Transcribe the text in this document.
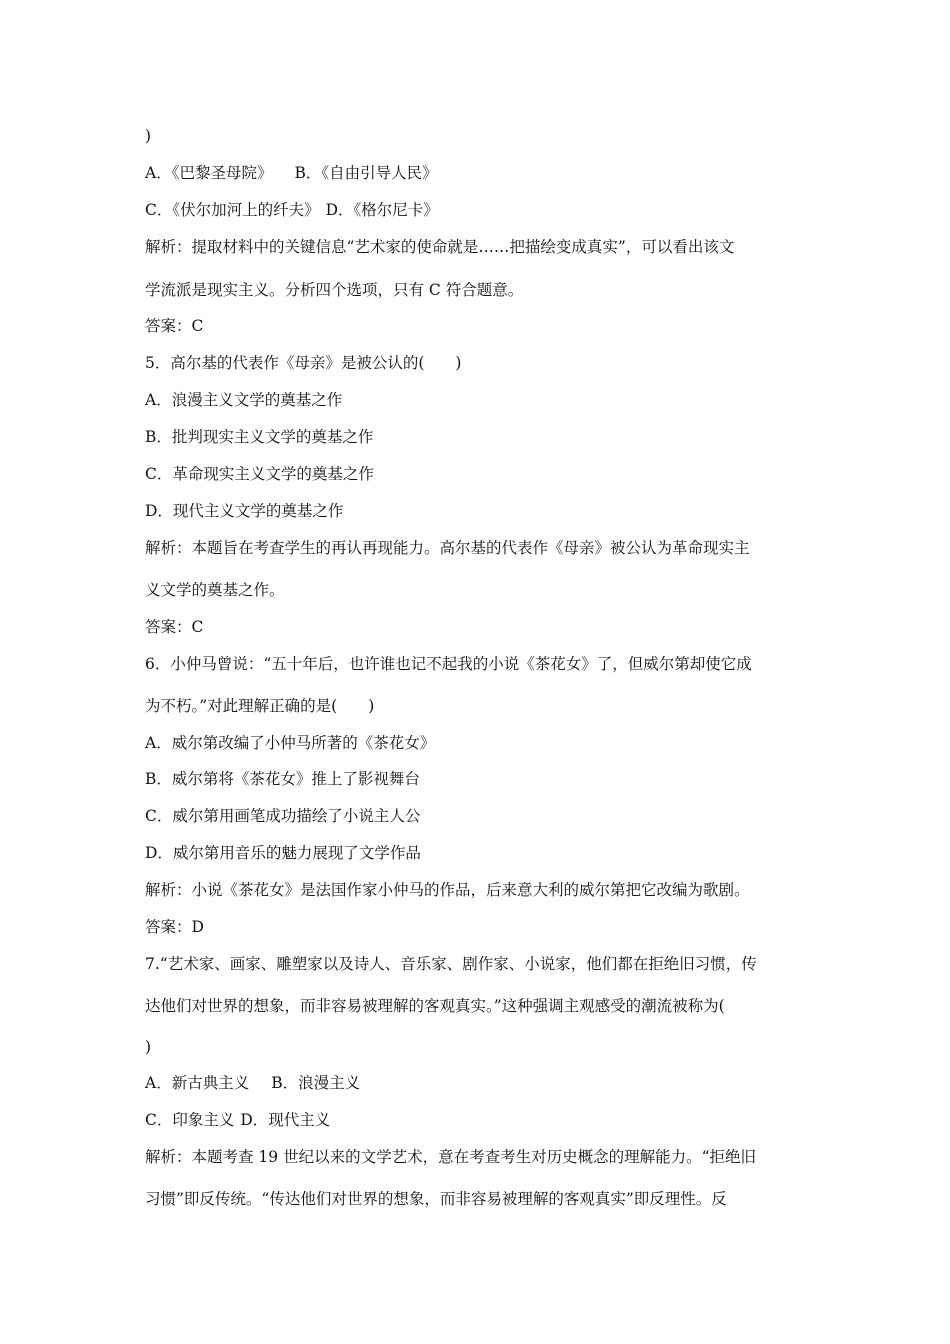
)
A．《巴黎圣母院》 B．《自由引导人民》
C．《伏尔加河上的纤夫》 D．《格尔尼卡》
解析：提取材料中的关键信息“艺术家的使命就是……把描绘变成真实”，可以看出该文
学流派是现实主义。分析四个选项，只有 C 符合题意。
答案：C
5．高尔基的代表作《母亲》是被公认的(　　)
A．浪漫主义文学的奠基之作
B．批判现实主义文学的奠基之作
C．革命现实主义文学的奠基之作
D．现代主义文学的奠基之作
解析：本题旨在考查学生的再认再现能力。高尔基的代表作《母亲》被公认为革命现实主
义文学的奠基之作。
答案：C
6．小仲马曾说：“五十年后，也许谁也记不起我的小说《茶花女》了，但威尔第却使它成
为不朽。”对此理解正确的是(　　)
A．威尔第改编了小仲马所著的《茶花女》
B．威尔第将《茶花女》推上了影视舞台
C．威尔第用画笔成功描绘了小说主人公
D．威尔第用音乐的魅力展现了文学作品
解析：小说《茶花女》是法国作家小仲马的作品，后来意大利的威尔第把它改编为歌剧。
答案：D
7.“艺术家、画家、雕塑家以及诗人、音乐家、剧作家、小说家，他们都在拒绝旧习惯，传
达他们对世界的想象，而非容易被理解的客观真实。”这种强调主观感受的潮流被称为(
)
A．新古典主义 B．浪漫主义
C．印象主义 D．现代主义
解析：本题考查 19 世纪以来的文学艺术，意在考查考生对历史概念的理解能力。“拒绝旧
习惯”即反传统。“传达他们对世界的想象，而非容易被理解的客观真实”即反理性。反
